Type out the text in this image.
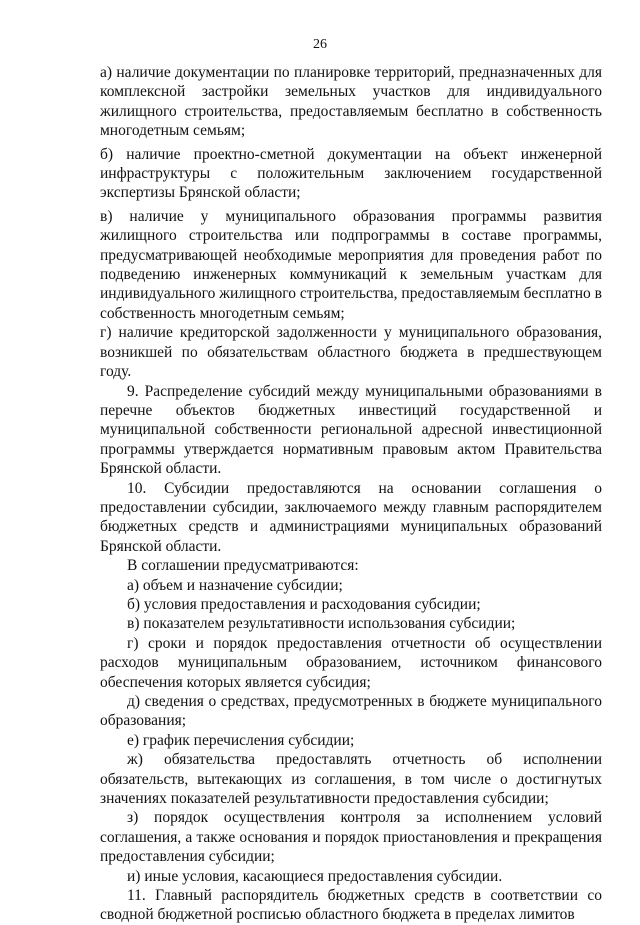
26

а) наличие документации по планировке территорий, предназначенных для комплексной застройки земельных участков для индивидуального жилищного строительства, предоставляемым бесплатно в собственность многодетным семьям;

б) наличие проектно-сметной документации на объект инженерной инфраструктуры с положительным заключением государственной экспертизы Брянской области;

в) наличие у муниципального образования программы развития жилищного строительства или подпрограммы в составе программы, предусматривающей необходимые мероприятия для проведения работ по подведению инженерных коммуникаций к земельным участкам для индивидуального жилищного строительства, предоставляемым бесплатно в собственность многодетным семьям;

г) наличие кредиторской задолженности у муниципального образования, возникшей по обязательствам областного бюджета в предшествующем году.

9. Распределение субсидий между муниципальными образованиями в перечне объектов бюджетных инвестиций государственной и муниципальной собственности региональной адресной инвестиционной программы утверждается нормативным правовым актом Правительства Брянской области.

10. Субсидии предоставляются на основании соглашения о предоставлении субсидии, заключаемого между главным распорядителем бюджетных средств и администрациями муниципальных образований Брянской области.

В соглашении предусматриваются:

а) объем и назначение субсидии;

б) условия предоставления и расходования субсидии;

в) показателем результативности использования субсидии;

г) сроки и порядок предоставления отчетности об осуществлении расходов муниципальным образованием, источником финансового обеспечения которых является субсидия;

д) сведения о средствах, предусмотренных в бюджете муниципального образования;

е) график перечисления субсидии;

ж) обязательства предоставлять отчетность об исполнении обязательств, вытекающих из соглашения, в том числе о достигнутых значениях показателей результативности предоставления субсидии;

з) порядок осуществления контроля за исполнением условий соглашения, а также основания и порядок приостановления и прекращения предоставления субсидии;

и) иные условия, касающиеся предоставления субсидии.

11. Главный распорядитель бюджетных средств в соответствии со сводной бюджетной росписью областного бюджета в пределах лимитов
